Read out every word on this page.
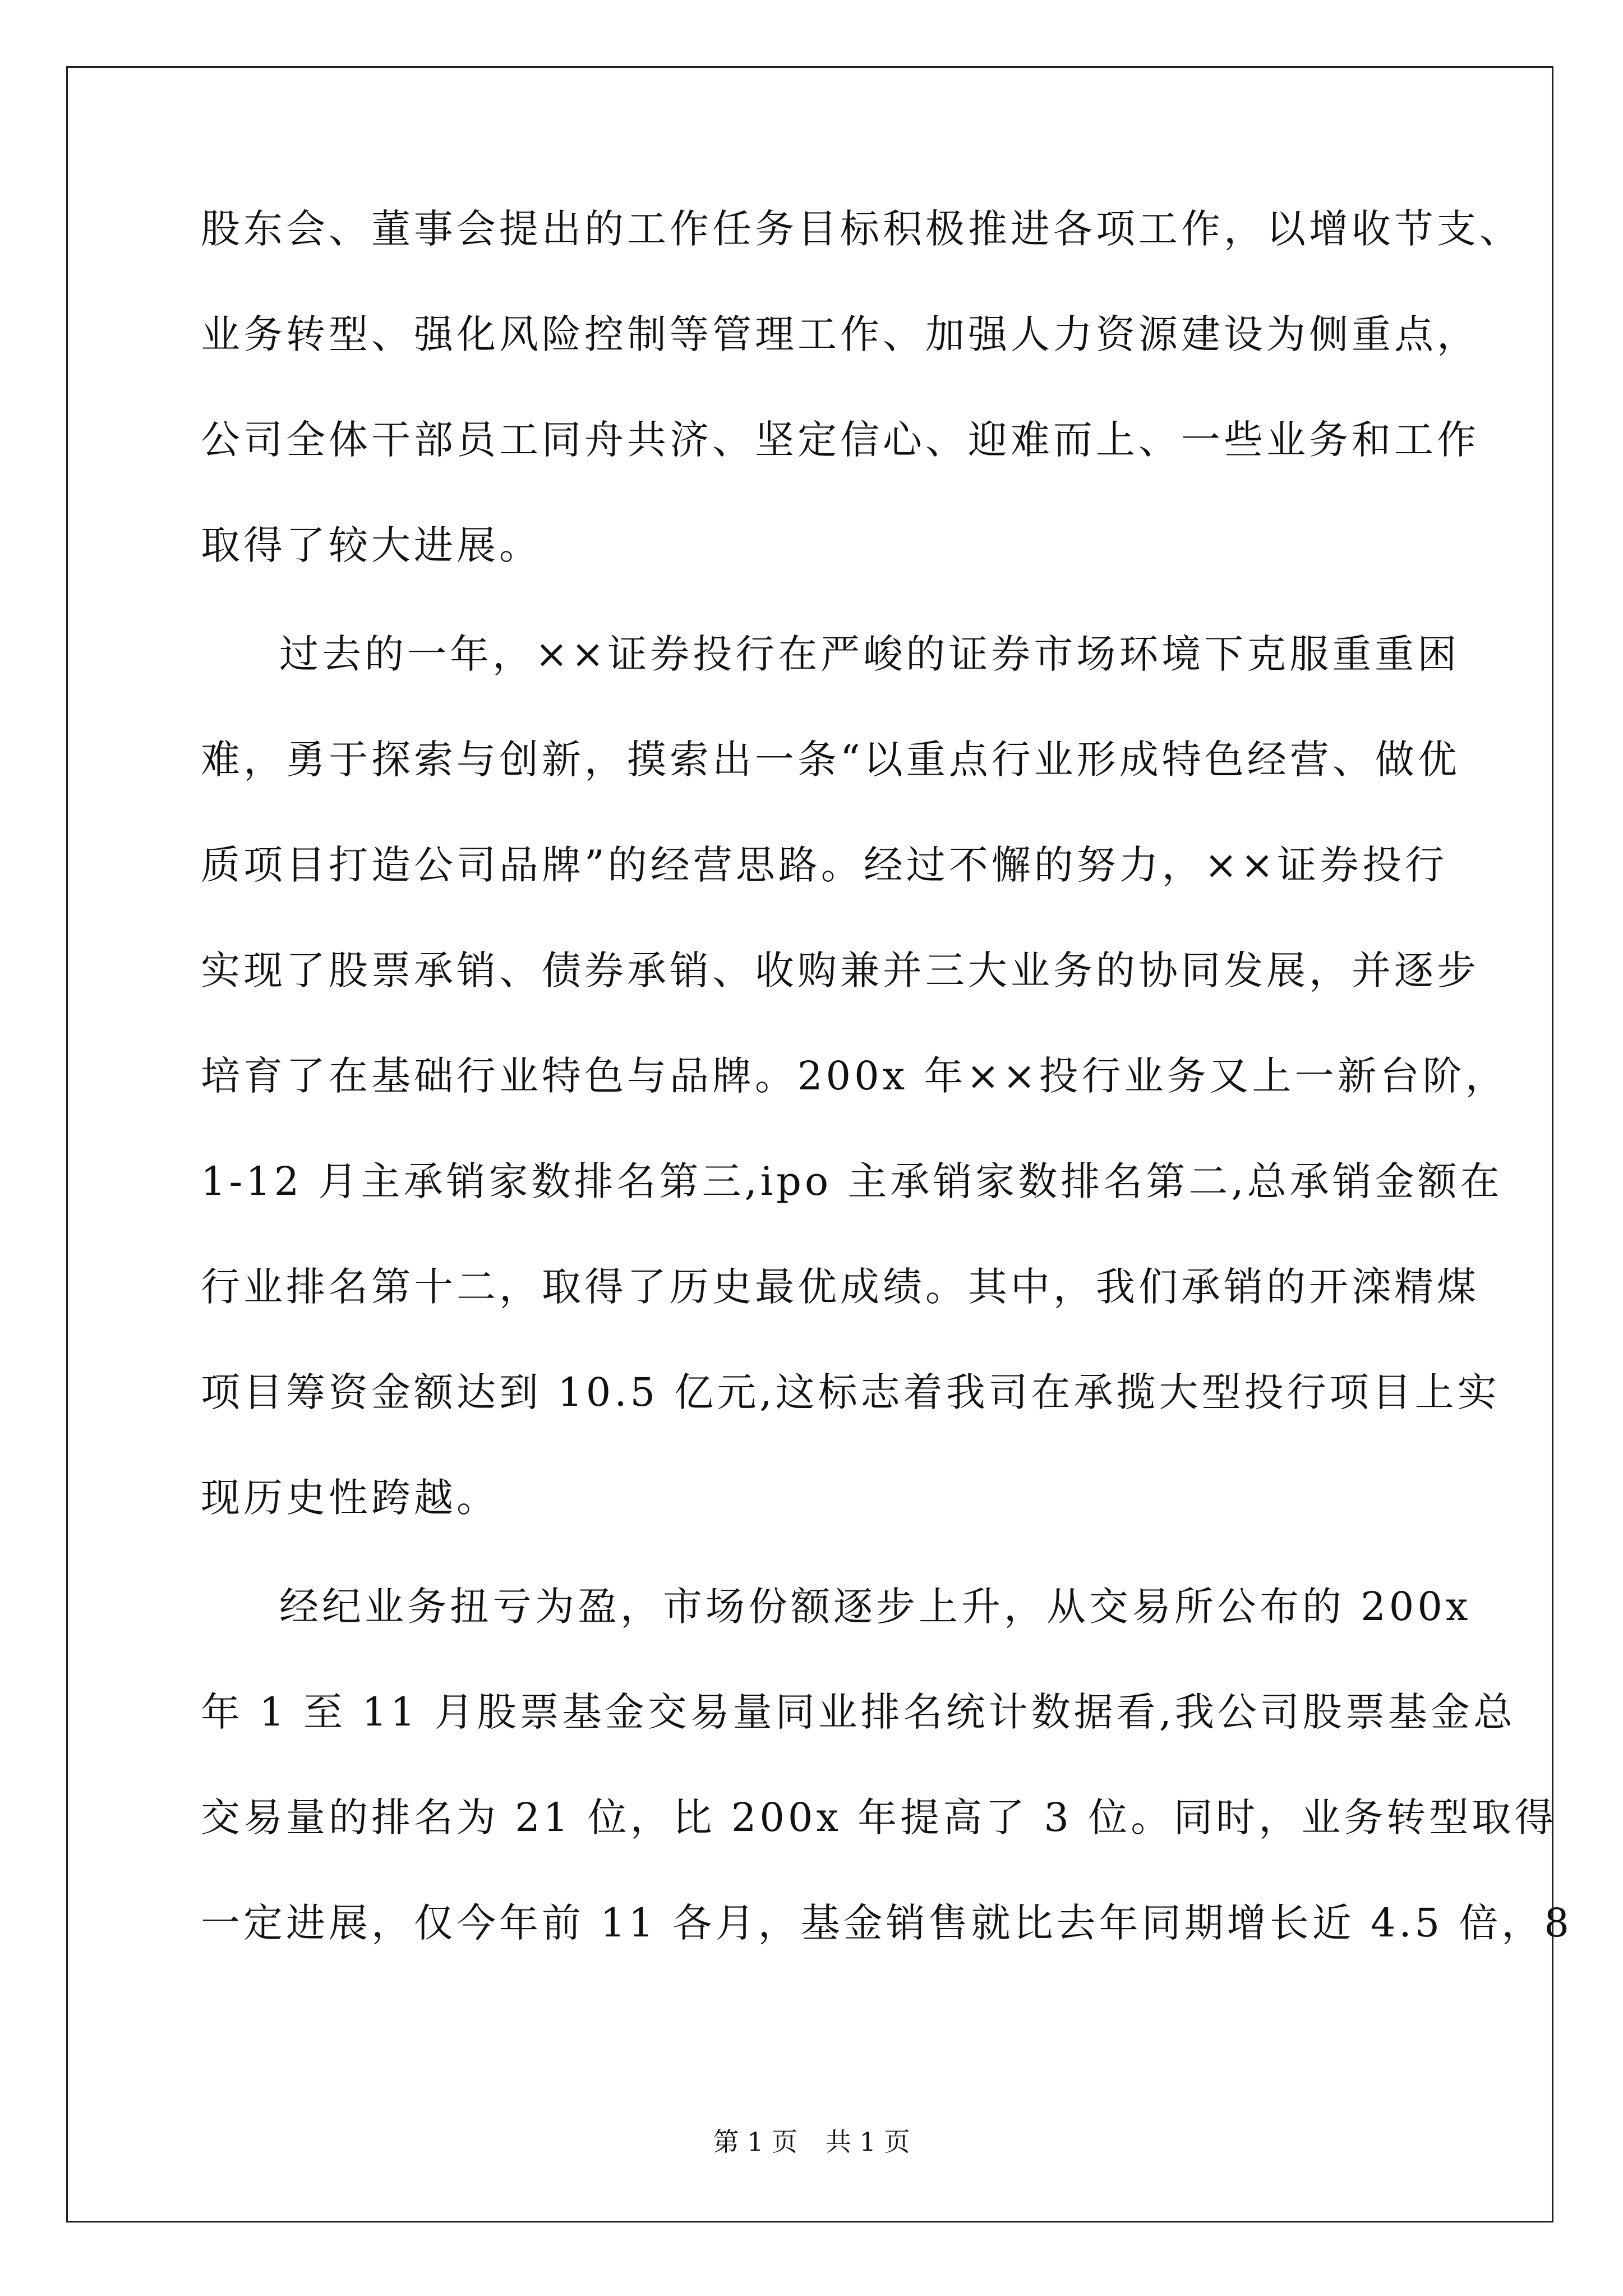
股东会、董事会提出的工作任务目标积极推进各项工作，以增收节支、
业务转型、强化风险控制等管理工作、加强人力资源建设为侧重点，
公司全体干部员工同舟共济、坚定信心、迎难而上、一些业务和工作
取得了较大进展。
过去的一年，××证券投行在严峻的证券市场环境下克服重重困
难，勇于探索与创新，摸索出一条“以重点行业形成特色经营、做优
质项目打造公司品牌”的经营思路。经过不懈的努力，××证券投行
实现了股票承销、债券承销、收购兼并三大业务的协同发展，并逐步
培育了在基础行业特色与品牌。200x 年××投行业务又上一新台阶，
1-12 月主承销家数排名第三,ipo 主承销家数排名第二,总承销金额在
行业排名第十二，取得了历史最优成绩。其中，我们承销的开滦精煤
项目筹资金额达到 10.5 亿元,这标志着我司在承揽大型投行项目上实
现历史性跨越。
经纪业务扭亏为盈，市场份额逐步上升，从交易所公布的 200x
年 1 至 11 月股票基金交易量同业排名统计数据看,我公司股票基金总
交易量的排名为 21 位，比 200x 年提高了 3 位。同时，业务转型取得
一定进展，仅今年前 11 各月，基金销售就比去年同期增长近 4.5 倍，8
第 1 页 共 1 页
